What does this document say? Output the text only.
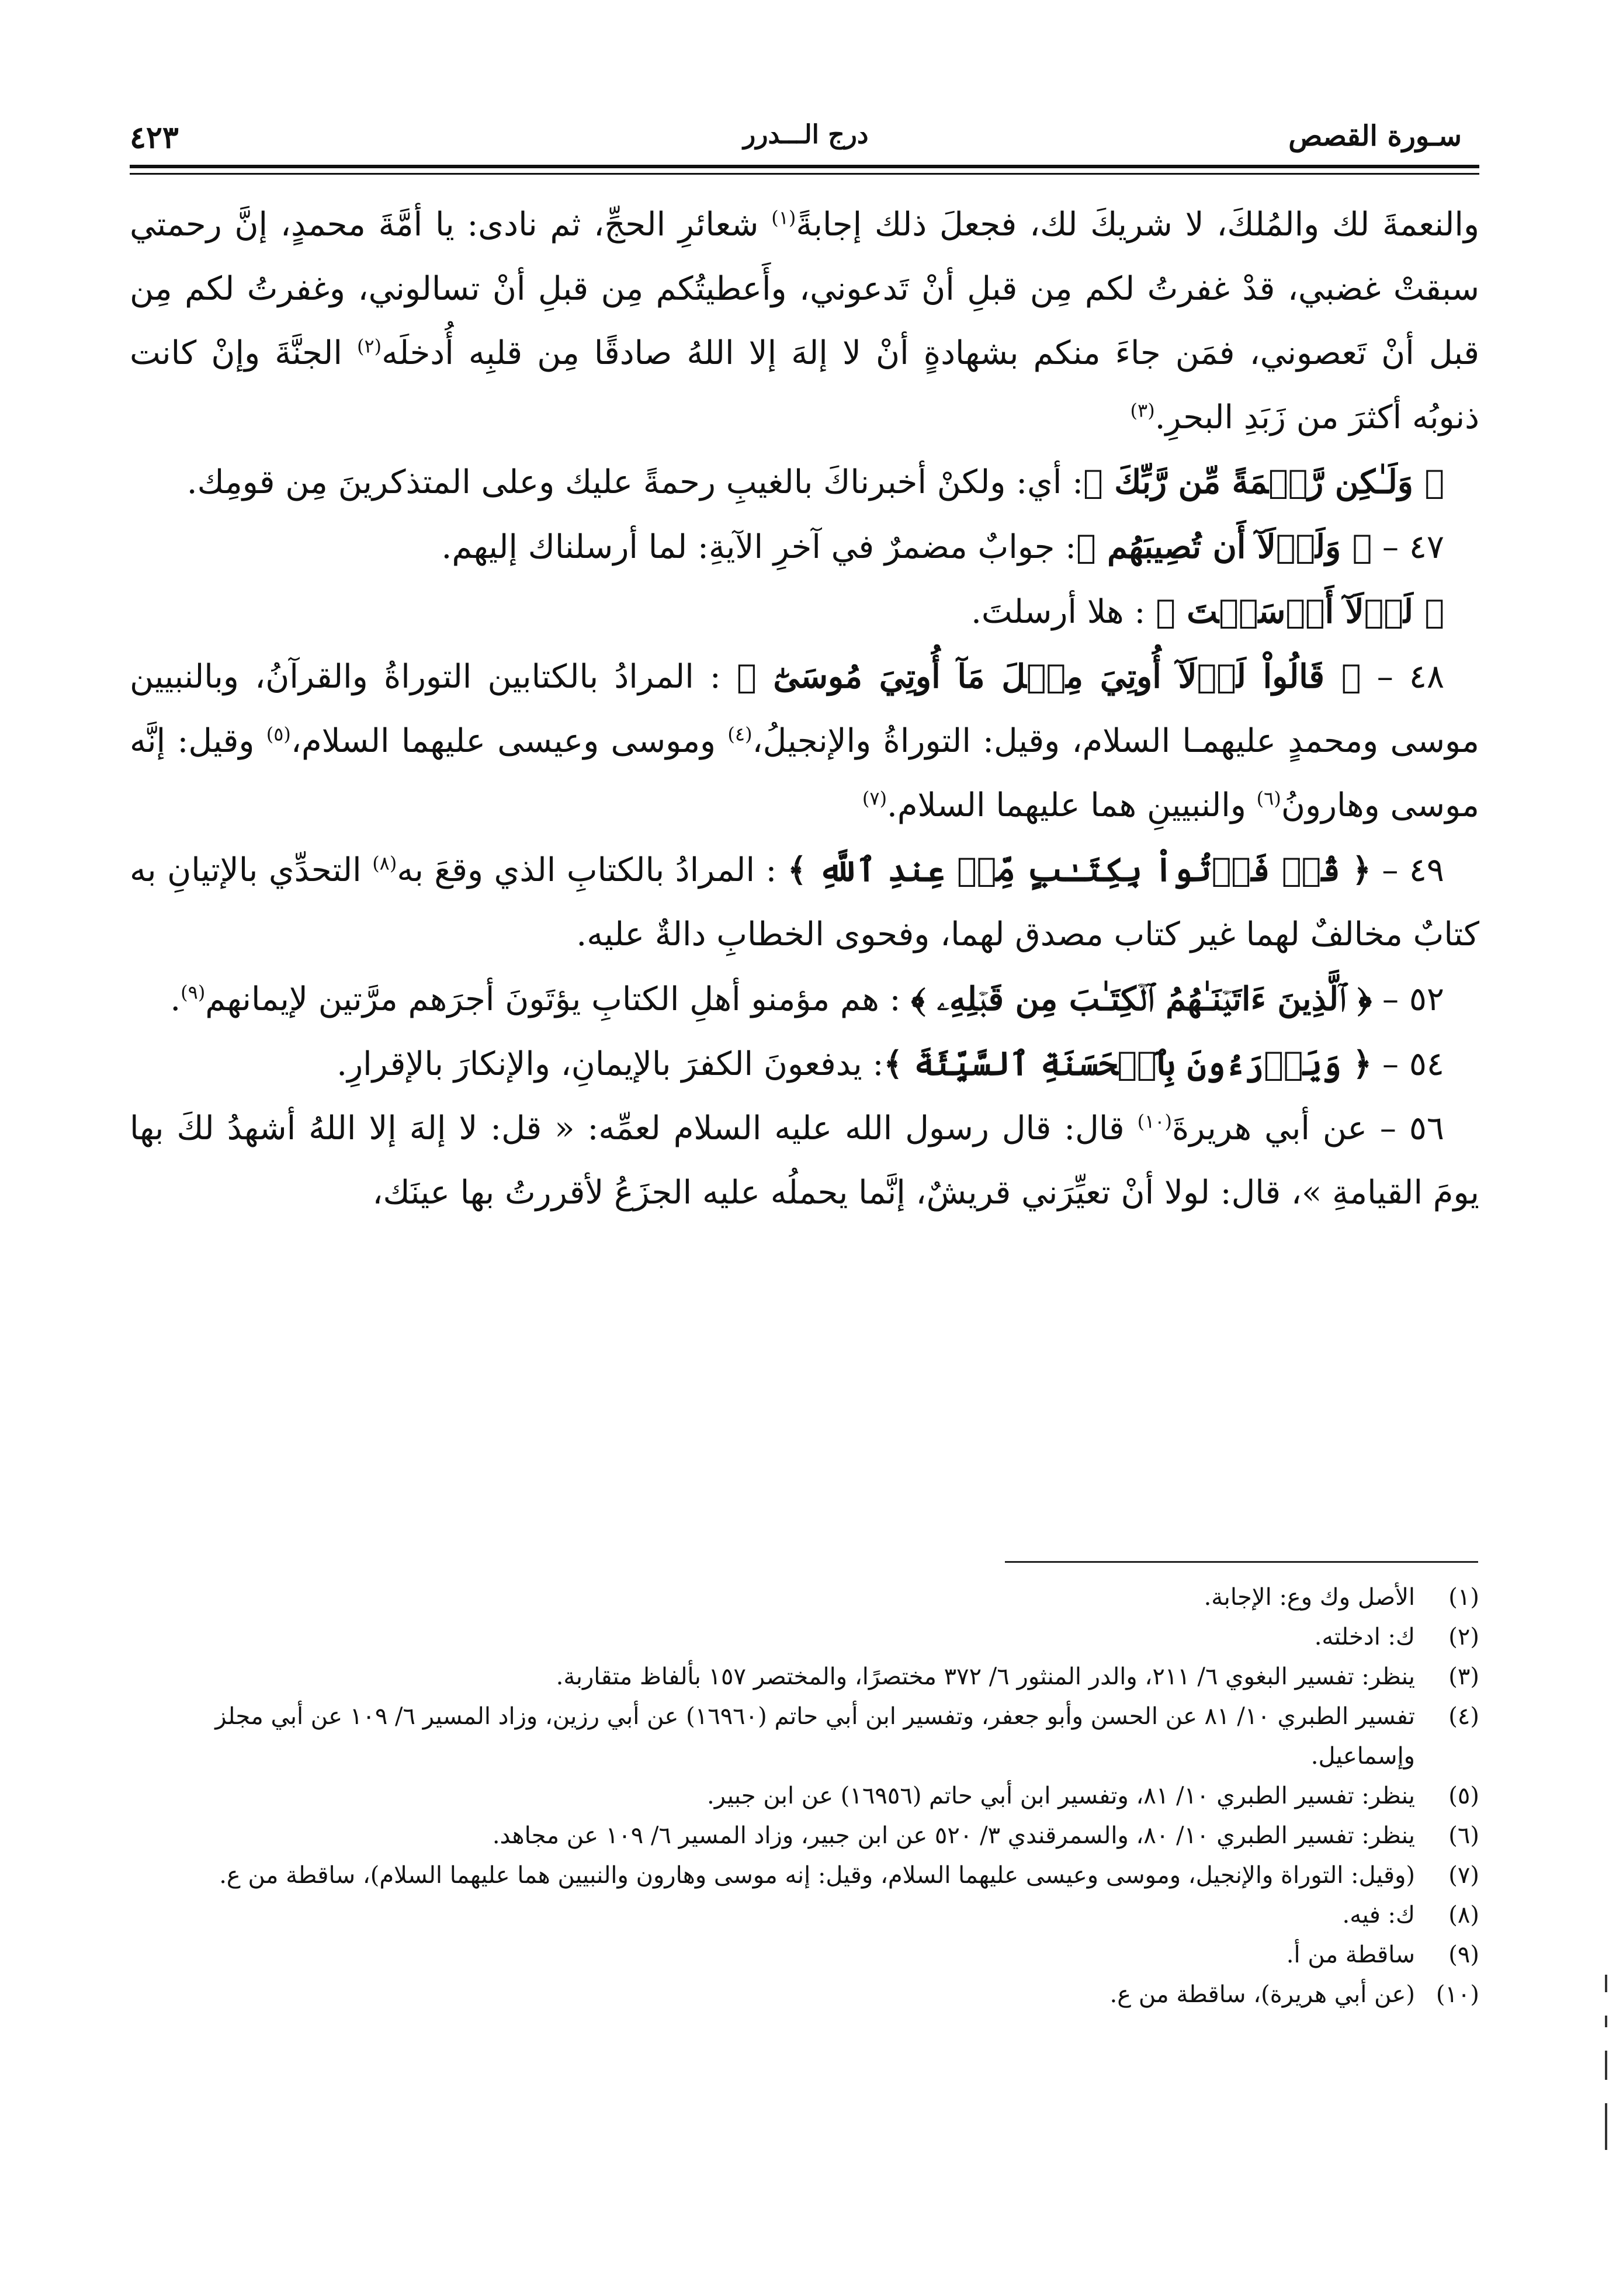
سـورة القصص
درج الـــدرر
٤٢٣

والنعمةَ لك والمُلكَ، لا شريكَ لك، فجعلَ ذلك إجابةً$^{(١)}$ شعائرِ الحجِّ، ثم نادى: يا أمَّةَ محمدٍ، إنَّ رحمتي سبقتْ غضبي، قدْ غفرتُ لكم مِن قبلِ أنْ تَدعوني، وأَعطيتُكم مِن قبلِ أنْ تسالوني، وغفرتُ لكم مِن قبل أنْ تَعصوني، فمَن جاءَ منكم بشهادةٍ أنْ لا إلهَ إلا اللهُ صادقًا مِن قلبِه أُدخلَه$^{(٢)}$ الجنَّةَ وإنْ كانت ذنوبُه أكثرَ من زَبَدِ البحرِ.$^{(٣)}$

﴿ وَلَـٰكِن رَّحۡمَةً مِّن رَّبِّكَ ﴾: أي: ولكنْ أخبرناكَ بالغيبِ رحمةً عليك وعلى المتذكرينَ مِن قومِك.

٤٧ – ﴿ وَلَوۡلَآ أَن تُصِيبَهُم ﴾: جوابٌ مضمرٌ في آخرِ الآيةِ: لما أرسلناك إليهم.

﴿ لَوۡلَآ أَرۡسَلۡتَ ﴾ : هلا أرسلتَ.

٤٨ – ﴿ قَالُواْ لَوۡلَآ أُوتِيَ مِثۡلَ مَآ أُوتِيَ مُوسَىٰٓ ﴾ : المرادُ بالكتابين التوراةُ والقرآنُ، وبالنبيين موسى ومحمدٍ عليهمـا السلام، وقيل: التوراةُ والإنجيلُ،$^{(٤)}$ وموسى وعيسى عليهما السلام،$^{(٥)}$ وقيل: إنَّه موسى وهارونُ$^{(٦)}$ والنبيينِ هما عليهما السلام.$^{(٧)}$

٤٩ – ﴿ قُلۡ فَأۡتُواْ بِكِتَـٰبٍ مِّنۡ عِندِ ٱللَّهِ ﴾ : المرادُ بالكتابِ الذي وقعَ به$^{(٨)}$ التحدِّي بالإتيانِ به كتابٌ مخالفٌ لهما غير كتاب مصدق لهما، وفحوى الخطابِ دالةٌ عليه.

٥٢ – ﴿ ٱلَّذِينَ ءَاتَيۡنَـٰهُمُ ٱلۡكِتَـٰبَ مِن قَبۡلِهِۦ ﴾ : هم مؤمنو أهلِ الكتابِ يؤتَونَ أجرَهم مرَّتين لإيمانهم$^{(٩)}$.

٥٤ – ﴿ وَيَدۡرَءُونَ بِٱلۡحَسَنَةِ ٱلسَّيِّئَةَ ﴾: يدفعونَ الكفرَ بالإيمانِ، والإنكارَ بالإقرارِ.

٥٦ – عن أبي هريرةَ$^{(١٠)}$ قال: قال رسول الله عليه السلام لعمِّه: « قل: لا إلهَ إلا اللهُ أشهدُ لكَ بها يومَ القيامةِ »، قال: لولا أنْ تعيِّرَني قريشٌ، إنَّما يحملُه عليه الجزَعُ لأقررتُ بها عينَك،

(١)
الأصل وك وع: الإجابة.
(٢)
ك: ادخلته.
(٣)
ينظر: تفسير البغوي ٦/ ٢١١، والدر المنثور ٦/ ٣٧٢ مختصرًا، والمختصر ١٥٧ بألفاظ متقاربة.
(٤)
تفسير الطبري ١٠/ ٨١ عن الحسن وأبو جعفر، وتفسير ابن أبي حاتم (١٦٩٦٠) عن أبي رزين، وزاد المسير ٦/ ١٠٩ عن أبي مجلز وإسماعيل.
(٥)
ينظر: تفسير الطبري ١٠/ ٨١، وتفسير ابن أبي حاتم (١٦٩٥٦) عن ابن جبير.
(٦)
ينظر: تفسير الطبري ١٠/ ٨٠، والسمرقندي ٣/ ٥٢٠ عن ابن جبير، وزاد المسير ٦/ ١٠٩ عن مجاهد.
(٧)
(وقيل: التوراة والإنجيل، وموسى وعيسى عليهما السلام، وقيل: إنه موسى وهارون والنبيين هما عليهما السلام)، ساقطة من ع.
(٨)
ك: فيه.
(٩)
ساقطة من أ.
(١٠)
(عن أبي هريرة)، ساقطة من ع.
